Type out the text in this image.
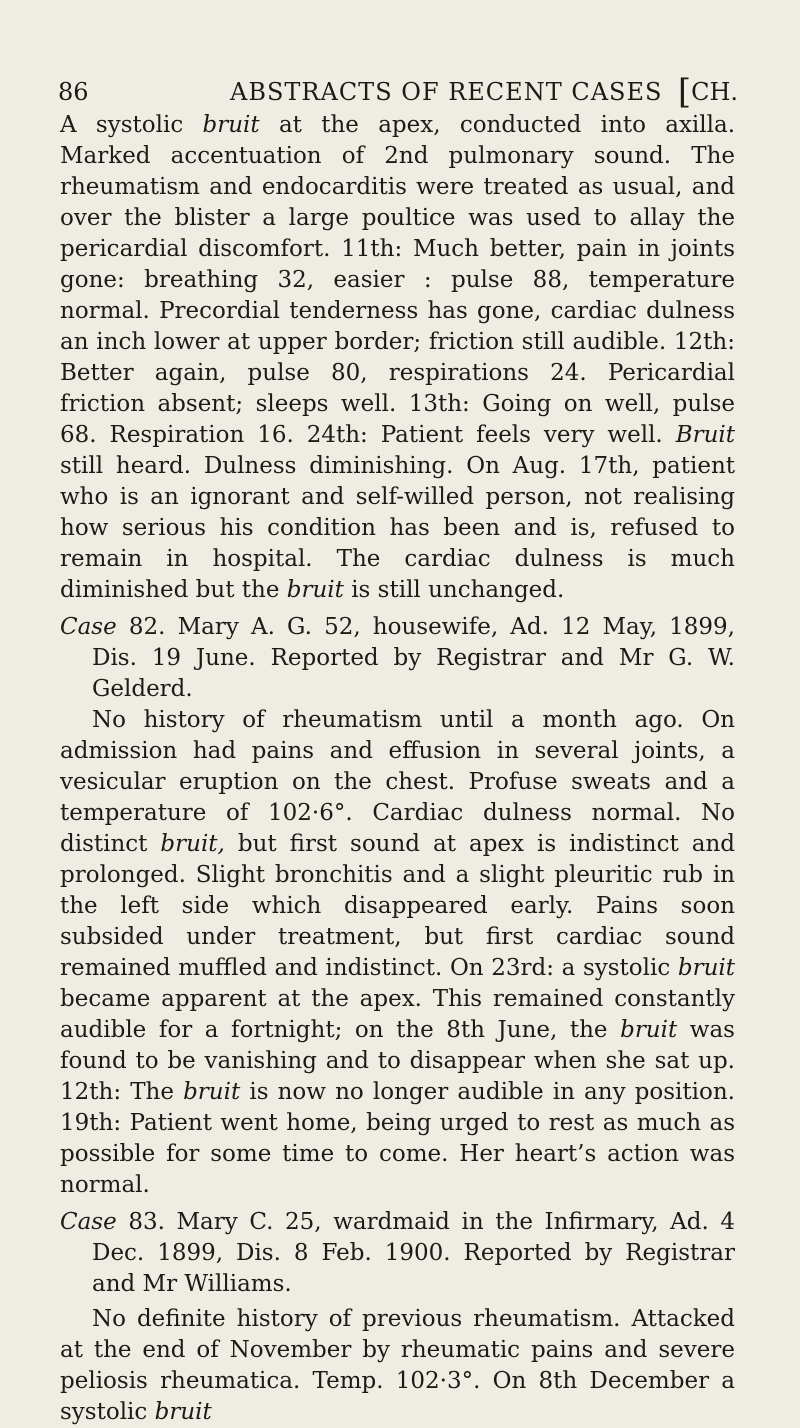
86	ABSTRACTS OF RECENT CASES [CH.

A systolic bruit at the apex, conducted into axilla. Marked accentuation of 2nd pulmonary sound. The rheumatism and endocarditis were treated as usual, and over the blister a large poultice was used to allay the pericardial discomfort. 11th: Much better, pain in joints gone: breathing 32, easier : pulse 88, temperature normal. Precordial tenderness has gone, cardiac dulness an inch lower at upper border; friction still audible. 12th: Better again, pulse 80, respirations 24. Pericardial friction absent; sleeps well. 13th: Going on well, pulse 68. Respiration 16. 24th: Patient feels very well. Bruit still heard. Dulness diminishing. On Aug. 17th, patient who is an ignorant and self-willed person, not realising how serious his condition has been and is, refused to remain in hospital. The cardiac dulness is much diminished but the bruit is still unchanged.

Case 82. Mary A. G. 52, housewife, Ad. 12 May, 1899, Dis. 19 June. Reported by Registrar and Mr G. W. Gelderd.

No history of rheumatism until a month ago. On admission had pains and effusion in several joints, a vesicular eruption on the chest. Profuse sweats and a temperature of 102·6°. Cardiac dulness normal. No distinct bruit, but first sound at apex is indistinct and prolonged. Slight bronchitis and a slight pleuritic rub in the left side which disappeared early. Pains soon subsided under treatment, but first cardiac sound remained muffled and indistinct. On 23rd: a systolic bruit became apparent at the apex. This remained constantly audible for a fortnight; on the 8th June, the bruit was found to be vanishing and to disappear when she sat up. 12th: The bruit is now no longer audible in any position. 19th: Patient went home, being urged to rest as much as possible for some time to come. Her heart’s action was normal.

Case 83. Mary C. 25, wardmaid in the Infirmary, Ad. 4 Dec. 1899, Dis. 8 Feb. 1900. Reported by Registrar and Mr Williams.

No definite history of previous rheumatism. Attacked at the end of November by rheumatic pains and severe peliosis rheumatica. Temp. 102·3°. On 8th December a systolic bruit
